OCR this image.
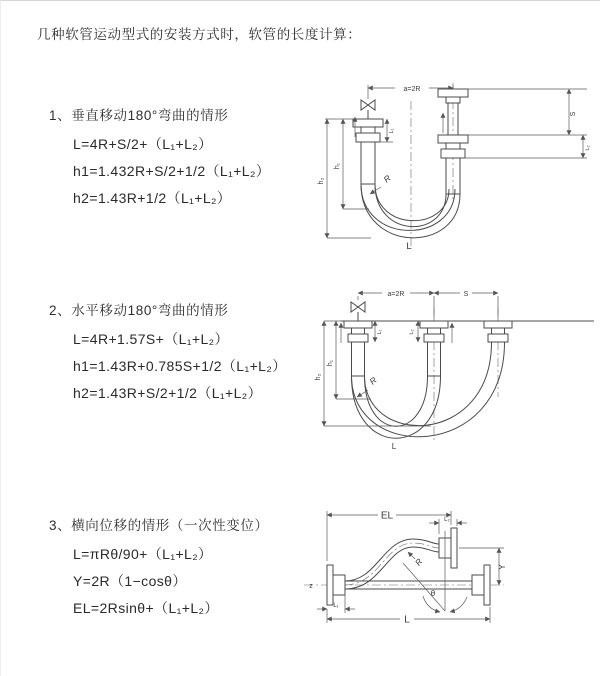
几种软管运动型式的安装方式时，软管的长度计算：
1、垂直移动180°弯曲的情形
L=4R+S/2+（L₁+L₂）
h1=1.432R+S/2+1/2（L₁+L₂）
h2=1.43R+1/2（L₁+L₂）
2、水平移动180°弯曲的情形
L=4R+1.57S+（L₁+L₂）
h1=1.43R+0.785S+1/2（L₁+L₂）
h2=1.43R+S/2+1/2（L₁+L₂）
3、横向位移的情形（一次性变位）
L=πRθ/90+（L₁+L₂）
Y=2R（1−cosθ）
EL=2Rsinθ+（L₁+L₂）
a=2R
R
h₂
h₁
L₁
S
L₂
L
a=2R	S
R
h₂
h₁
L₁	L₂
L
z
EL	L₂
Y
θ
R
L
L₁
